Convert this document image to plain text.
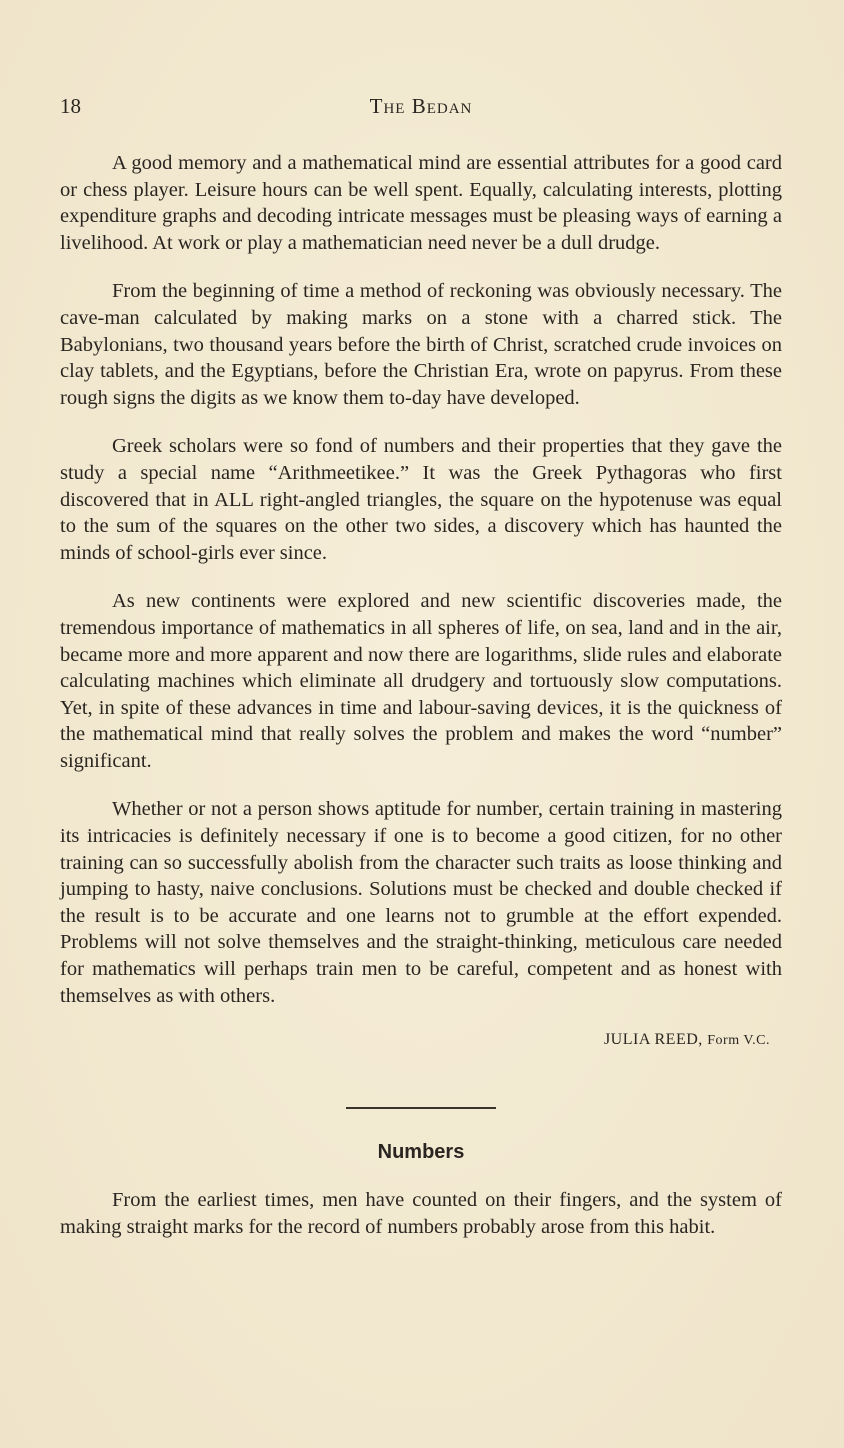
18	The Bedan

A good memory and a mathematical mind are essential attributes for a good card or chess player. Leisure hours can be well spent. Equally, calculating interests, plotting expenditure graphs and decoding intricate messages must be pleasing ways of earning a livelihood. At work or play a mathematician need never be a dull drudge.

From the beginning of time a method of reckoning was obviously necessary. The cave-man calculated by making marks on a stone with a charred stick. The Babylonians, two thousand years before the birth of Christ, scratched crude invoices on clay tablets, and the Egyptians, before the Christian Era, wrote on papyrus. From these rough signs the digits as we know them to-day have developed.

Greek scholars were so fond of numbers and their properties that they gave the study a special name “Arithmeetikee.” It was the Greek Pythagoras who first discovered that in ALL right-angled triangles, the square on the hypotenuse was equal to the sum of the squares on the other two sides, a discovery which has haunted the minds of school-girls ever since.

As new continents were explored and new scientific discoveries made, the tremendous importance of mathematics in all spheres of life, on sea, land and in the air, became more and more apparent and now there are logarithms, slide rules and elaborate calculating machines which eliminate all drudgery and tortuously slow computations. Yet, in spite of these advances in time and labour-saving devices, it is the quickness of the mathematical mind that really solves the problem and makes the word “number” significant.

Whether or not a person shows aptitude for number, certain training in mastering its intricacies is definitely necessary if one is to become a good citizen, for no other training can so successfully abolish from the character such traits as loose thinking and jumping to hasty, naive conclusions. Solutions must be checked and double checked if the result is to be accurate and one learns not to grumble at the effort expended. Problems will not solve themselves and the straight-thinking, meticulous care needed for mathematics will perhaps train men to be careful, competent and as honest with themselves as with others.

JULIA REED, Form V.C.
Numbers

From the earliest times, men have counted on their fingers, and the system of making straight marks for the record of numbers probably arose from this habit.
